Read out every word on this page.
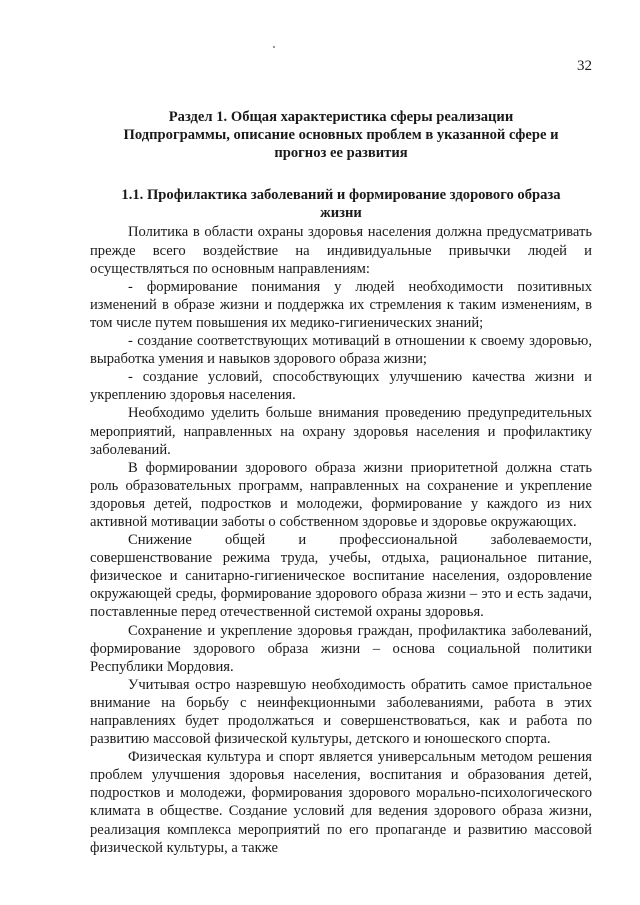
32
Раздел 1. Общая характеристика сферы реализации
Подпрограммы, описание основных проблем в указанной сфере и
прогноз ее развития
1.1. Профилактика заболеваний и формирование здорового образа
жизни

Политика в области охраны здоровья населения должна предусматривать прежде всего воздействие на индивидуальные привычки людей и осуществляться по основным направлениям:

- формирование понимания у людей необходимости позитивных изменений в образе жизни и поддержка их стремления к таким изменениям, в том числе путем повышения их медико-гигиенических знаний;

- создание соответствующих мотиваций в отношении к своему здоровью, выработка умения и навыков здорового образа жизни;

- создание условий, способствующих улучшению качества жизни и укреплению здоровья населения.

Необходимо уделить больше внимания проведению предупредительных мероприятий, направленных на охрану здоровья населения и профилактику заболеваний.

В формировании здорового образа жизни приоритетной должна стать роль образовательных программ, направленных на сохранение и укрепление здоровья детей, подростков и молодежи, формирование у каждого из них активной мотивации заботы о собственном здоровье и здоровье окружающих.

Снижение общей и профессиональной заболеваемости, совершенствование режима труда, учебы, отдыха, рациональное питание, физическое и санитарно-гигиеническое воспитание населения, оздоровление окружающей среды, формирование здорового образа жизни – это и есть задачи, поставленные перед отечественной системой охраны здоровья.

Сохранение и укрепление здоровья граждан, профилактика заболеваний, формирование здорового образа жизни – основа социальной политики Республики Мордовия.

Учитывая остро назревшую необходимость обратить самое пристальное внимание на борьбу с неинфекционными заболеваниями, работа в этих направлениях будет продолжаться и совершенствоваться, как и работа по развитию массовой физической культуры, детского и юношеского спорта.

Физическая культура и спорт является универсальным методом решения проблем улучшения здоровья населения, воспитания и образования детей, подростков и молодежи, формирования здорового морально-психологического климата в обществе. Создание условий для ведения здорового образа жизни, реализация комплекса мероприятий по его пропаганде и развитию массовой физической культуры, а также
